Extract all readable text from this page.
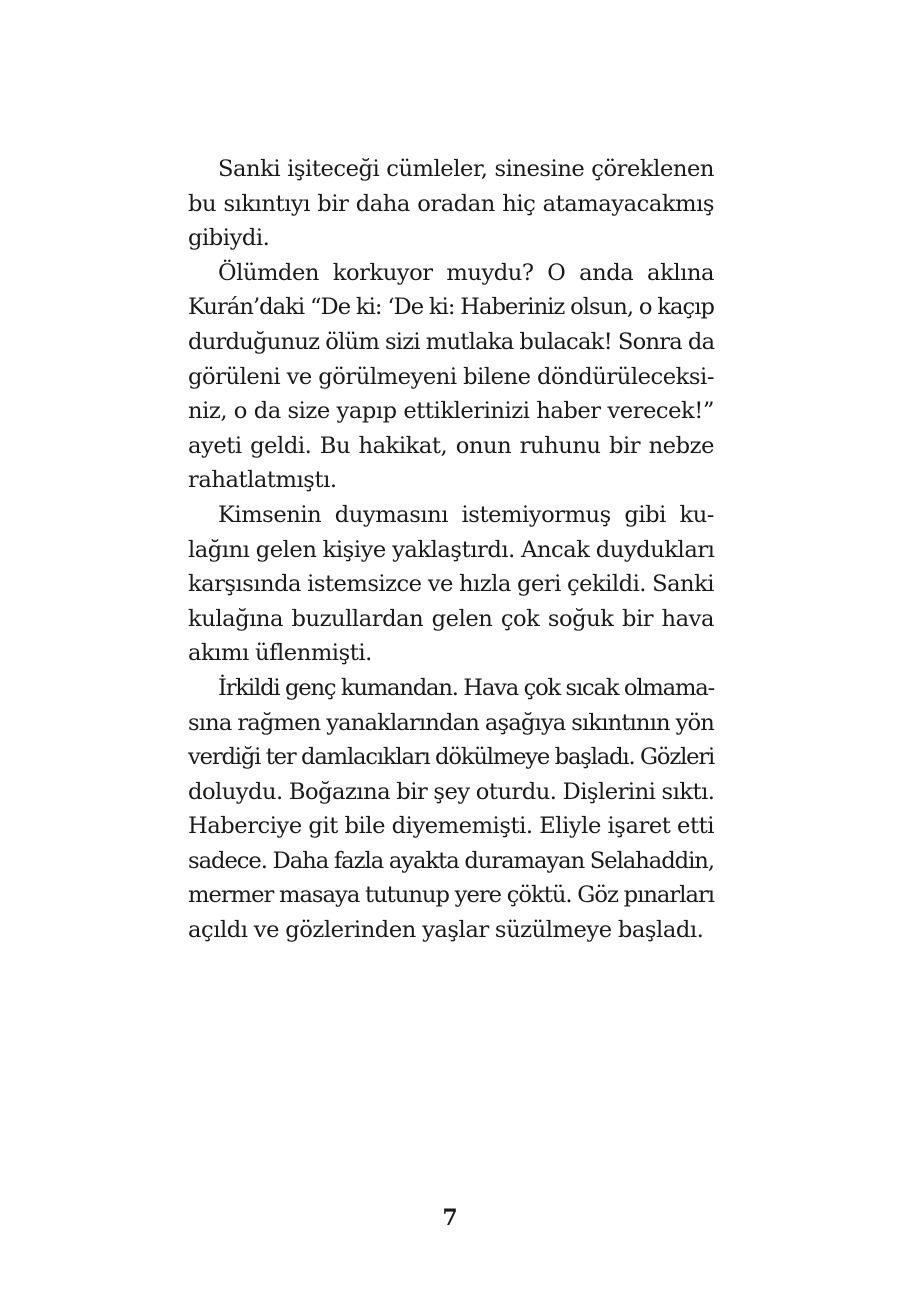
Sanki işiteceği cümleler, sinesine çöreklenen
bu sıkıntıyı bir daha oradan hiç atamayacakmış
gibiydi.

Ölümden korkuyor muydu? O anda aklına
Kurán’daki “De ki: ‘De ki: Haberiniz olsun, o kaçıp
durduğunuz ölüm sizi mutlaka bulacak! Sonra da
görüleni ve görülmeyeni bilene döndürüleceksi-
niz, o da size yapıp ettiklerinizi haber verecek!”
ayeti geldi. Bu hakikat, onun ruhunu bir nebze
rahatlatmıştı.

Kimsenin duymasını istemiyormuş gibi ku-
lağını gelen kişiye yaklaştırdı. Ancak duydukları
karşısında istemsizce ve hızla geri çekildi. Sanki
kulağına buzullardan gelen çok soğuk bir hava
akımı üflenmişti.

İrkildi genç kumandan. Hava çok sıcak olmama-
sına rağmen yanaklarından aşağıya sıkıntının yön
verdiği ter damlacıkları dökülmeye başladı. Gözleri
doluydu. Boğazına bir şey oturdu. Dişlerini sıktı.
Haberciye git bile diyememişti. Eliyle işaret etti
sadece. Daha fazla ayakta duramayan Selahaddin,
mermer masaya tutunup yere çöktü. Göz pınarları
açıldı ve gözlerinden yaşlar süzülmeye başladı.

7
